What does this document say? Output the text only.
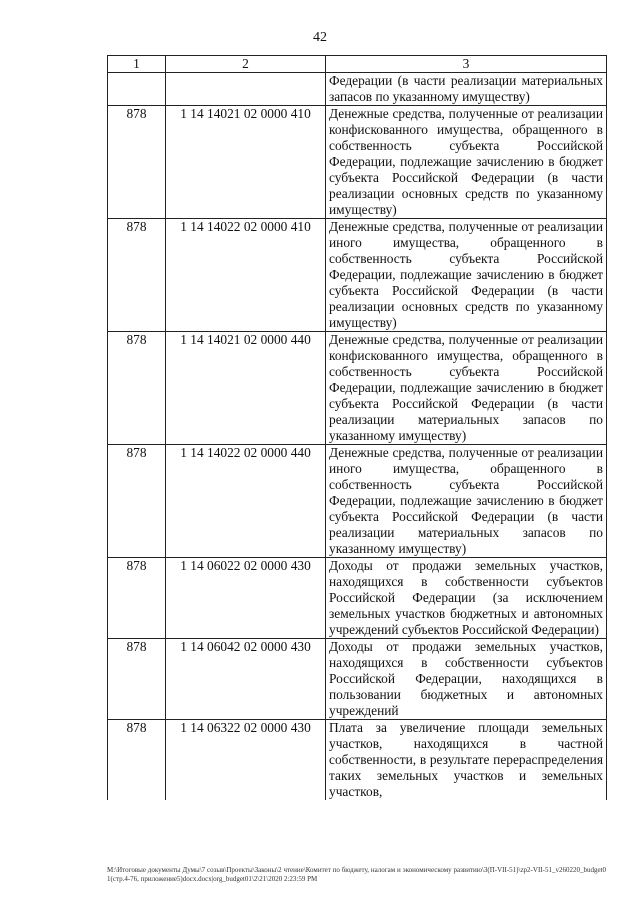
42
1	2	3
		Федерации (в части реализации материальных запасов по указанному имуществу)
878	1 14 14021 02 0000 410	Денежные средства, полученные от реализации конфискованного имущества, обращенного в собственность субъекта Российской Федерации, подлежащие зачислению в бюджет субъекта Российской Федерации (в части реализации основных средств по указанному имуществу)
878	1 14 14022 02 0000 410	Денежные средства, полученные от реализации иного имущества, обращенного в собственность субъекта Российской Федерации, подлежащие зачислению в бюджет субъекта Российской Федерации (в части реализации основных средств по указанному имуществу)
878	1 14 14021 02 0000 440	Денежные средства, полученные от реализации конфискованного имущества, обращенного в собственность субъекта Российской Федерации, подлежащие зачислению в бюджет субъекта Российской Федерации (в части реализации материальных запасов по указанному имуществу)
878	1 14 14022 02 0000 440	Денежные средства, полученные от реализации иного имущества, обращенного в собственность субъекта Российской Федерации, подлежащие зачислению в бюджет субъекта Российской Федерации (в части реализации материальных запасов по указанному имуществу)
878	1 14 06022 02 0000 430	Доходы от продажи земельных участков, находящихся в собственности субъектов Российской Федерации (за исключением земельных участков бюджетных и автономных учреждений субъектов Российской Федерации)
878	1 14 06042 02 0000 430	Доходы от продажи земельных участков, находящихся в собственности субъектов Российской Федерации, находящихся в пользовании бюджетных и автономных учреждений
878	1 14 06322 02 0000 430	Плата за увеличение площади земельных участков, находящихся в частной собственности, в результате перераспределения таких земельных участков и земельных участков,
M:\Итоговые документы Думы\7 созыв\Проекты\Законы\2 чтение\Комитет по бюджету, налогам и экономическому развитию\3(П-VII-51)\zp2-VII-51_v260220_budget01(стр.4-76, приложение5)docx.docx|org_budget01\2\21\2020 2:23:59 PM
